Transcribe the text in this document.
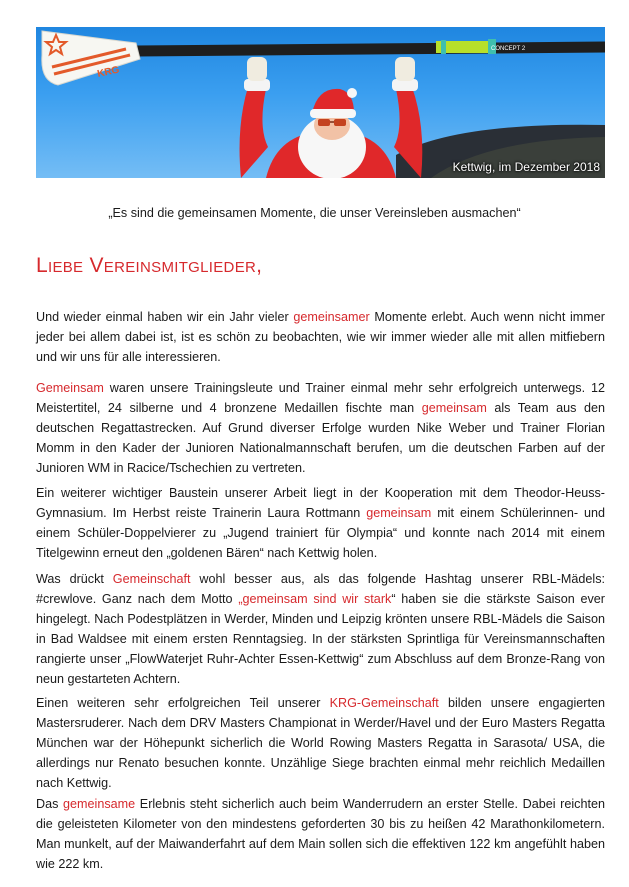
CONCEPT 2
KRG
Kettwig, im Dezember 2018
„Es sind die gemeinsamen Momente, die unser Vereinsleben ausmachen“
Liebe Vereinsmitglieder,

Und wieder einmal haben wir ein Jahr vieler gemeinsamer Momente erlebt. Auch wenn nicht immer jeder bei allem dabei ist, ist es schön zu beobachten, wie wir immer wieder alle mit allen mitfiebern und wir uns für alle interessieren.

Gemeinsam waren unsere Trainingsleute und Trainer einmal mehr sehr erfolgreich unterwegs. 12 Meistertitel, 24 silberne und 4 bronzene Medaillen fischte man gemeinsam als Team aus den deutschen Regattastrecken. Auf Grund diverser Erfolge wurden Nike Weber und Trainer Florian Momm in den Kader der Junioren Nationalmannschaft berufen, um die deutschen Farben auf der Junioren WM in Racice/Tschechien zu vertreten.

Ein weiterer wichtiger Baustein unserer Arbeit liegt in der Kooperation mit dem Theodor-Heuss-Gymnasium. Im Herbst reiste Trainerin Laura Rottmann gemeinsam mit einem Schülerinnen- und einem Schüler-Doppelvierer zu „Jugend trainiert für Olympia“ und konnte nach 2014 mit einem Titelgewinn erneut den „goldenen Bären“ nach Kettwig holen.

Was drückt Gemeinschaft wohl besser aus, als das folgende Hashtag unserer RBL-Mädels: #crewlove. Ganz nach dem Motto „gemeinsam sind wir stark“ haben sie die stärkste Saison ever hingelegt. Nach Podestplätzen in Werder, Minden und Leipzig krönten unsere RBL-Mädels die Saison in Bad Waldsee mit einem ersten Renntagsieg. In der stärksten Sprintliga für Vereinsmannschaften rangierte unser „FlowWaterjet Ruhr-Achter Essen-Kettwig“ zum Abschluss auf dem Bronze-Rang von neun gestarteten Achtern.

Einen weiteren sehr erfolgreichen Teil unserer KRG-Gemeinschaft bilden unsere engagierten Mastersruderer. Nach dem DRV Masters Championat in Werder/Havel und der Euro Masters Regatta München war der Höhepunkt sicherlich die World Rowing Masters Regatta in Sarasota/ USA, die allerdings nur Renato besuchen konnte. Unzählige Siege brachten einmal mehr reichlich Medaillen nach Kettwig.

Das gemeinsame Erlebnis steht sicherlich auch beim Wanderrudern an erster Stelle. Dabei reichten die geleisteten Kilometer von den mindestens geforderten 30 bis zu heißen 42 Marathonkilometern. Man munkelt, auf der Maiwanderfahrt auf dem Main sollen sich die effektiven 122 km angefühlt haben wie 222 km.
